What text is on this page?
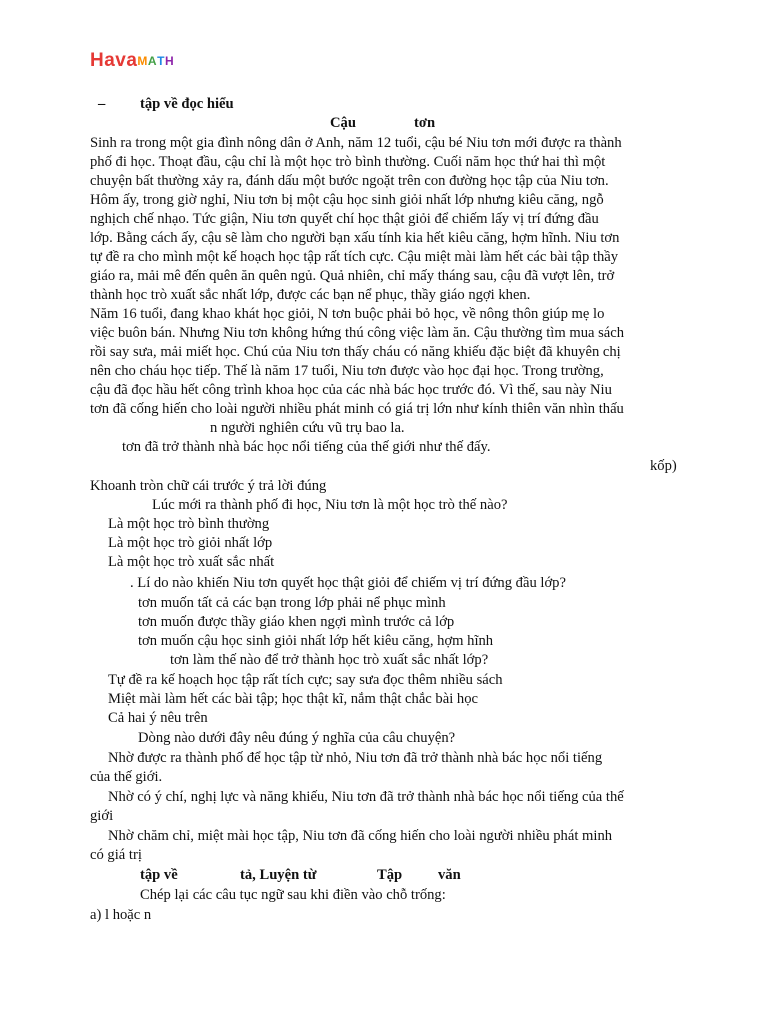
HavaMATH
– tập về đọc hiểu
Cậu	tơn
Sinh ra trong một gia đình nông dân ở Anh, năm 12 tuổi, cậu bé Niu tơn mới được ra thành
phố đi học. Thoạt đầu, cậu chỉ là một học trò bình thường. Cuối năm học thứ hai thì một
chuyện bất thường xảy ra, đánh dấu một bước ngoặt trên con đường học tập của Niu tơn.
Hôm ấy, trong giờ nghỉ, Niu tơn bị một cậu học sinh giỏi nhất lớp nhưng kiêu căng, ngỗ
nghịch chế nhạo. Tức giận, Niu tơn quyết chí học thật giỏi để chiếm lấy vị trí đứng đầu
lớp. Bằng cách ấy, cậu sẽ làm cho người bạn xấu tính kia hết kiêu căng, hợm hĩnh. Niu tơn
tự đề ra cho mình một kế hoạch học tập rất tích cực. Cậu miệt mài làm hết các bài tập thầy
giáo ra, mải mê đến quên ăn quên ngủ. Quả nhiên, chỉ mấy tháng sau, cậu đã vượt lên, trở
thành học trò xuất sắc nhất lớp, được các bạn nể phục, thầy giáo ngợi khen.
Năm 16 tuổi, đang khao khát học giỏi, N tơn buộc phải bỏ học, về nông thôn giúp mẹ lo
việc buôn bán. Nhưng Niu tơn không hứng thú công việc làm ăn. Cậu thường tìm mua sách
rồi say sưa, mải miết học. Chú của Niu tơn thấy cháu có năng khiếu đặc biệt đã khuyên chị
nên cho cháu học tiếp. Thế là năm 17 tuổi, Niu tơn được vào học đại học. Trong trường,
cậu đã đọc hầu hết công trình khoa học của các nhà bác học trước đó. Vì thế, sau này Niu
tơn đã cống hiến cho loài người nhiều phát minh có giá trị lớn như kính thiên văn nhìn thấu
n người nghiên cứu vũ trụ bao la.
tơn đã trở thành nhà bác học nổi tiếng của thế giới như thế đấy.
kốp)
Khoanh tròn chữ cái trước ý trả lời đúng
Lúc mới ra thành phố đi học, Niu tơn là một học trò thế nào?
Là một học trò bình thường
Là một học trò giỏi nhất lớp
Là một học trò xuất sắc nhất
. Lí do nào khiến Niu tơn quyết học thật giỏi để chiếm vị trí đứng đầu lớp?
tơn muốn tất cả các bạn trong lớp phải nể phục mình
tơn muốn được thầy giáo khen ngợi mình trước cả lớp
tơn muốn cậu học sinh giỏi nhất lớp hết kiêu căng, hợm hĩnh
tơn làm thế nào để trở thành học trò xuất sắc nhất lớp?
Tự đề ra kế hoạch học tập rất tích cực; say sưa đọc thêm nhiều sách
Miệt mài làm hết các bài tập; học thật kĩ, nắm thật chắc bài học
Cả hai ý nêu trên
Dòng nào dưới đây nêu đúng ý nghĩa của câu chuyện?
Nhờ được ra thành phố để học tập từ nhỏ, Niu tơn đã trở thành nhà bác học nổi tiếng
của thế giới.
Nhờ có ý chí, nghị lực và năng khiếu, Niu tơn đã trở thành nhà bác học nổi tiếng của thế
giới
Nhờ chăm chỉ, miệt mài học tập, Niu tơn đã cống hiến cho loài người nhiều phát minh
có giá trị
tập về	tả, Luyện từ	Tập văn
Chép lại các câu tục ngữ sau khi điền vào chỗ trống:
a) l hoặc n
